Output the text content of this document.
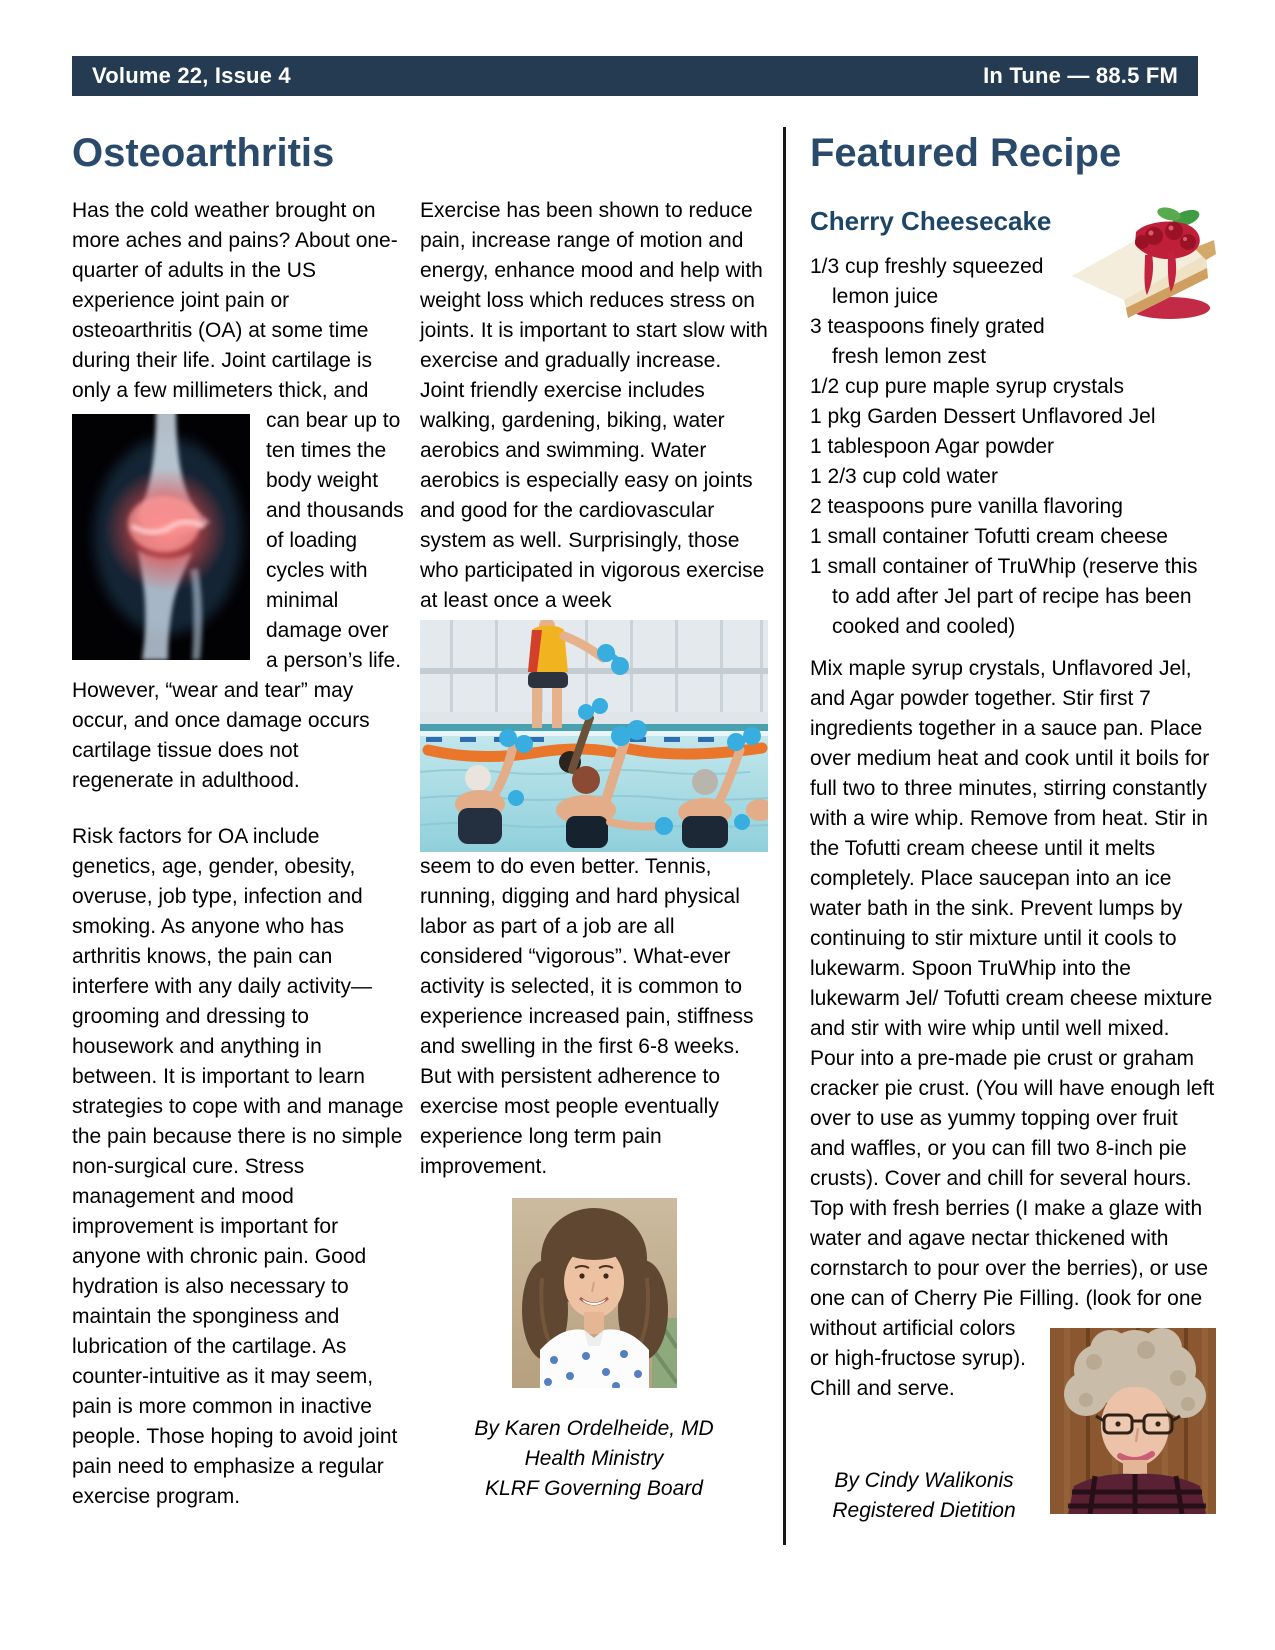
Volume 22, Issue 4	In Tune — 88.5 FM
Osteoarthritis

Has the cold weather brought on more aches and pains? About one-quarter of adults in the US experience joint pain or osteoarthritis (OA) at some time during their life. Joint cartilage is only a few millimeters thick, and can
bear up to ten times the body weight and thousands of loading cycles with minimal damage over a person’s life. However, “wear and tear” may occur, and once damage occurs cartilage tissue does not regenerate in adulthood.

Risk factors for OA include genetics, age, gender, obesity, overuse, job type, infection and smoking. As anyone who has arthritis knows, the pain can interfere with any daily activity—grooming and dressing to housework and anything in between. It is important to learn strategies to cope with and manage the pain because there is no simple non-surgical cure. Stress management and mood improvement is important for anyone with chronic pain. Good hydration is also necessary to maintain the sponginess and lubrication of the cartilage. As counter-intuitive as it may seem, pain is more common in inactive people. Those hoping to avoid joint pain need to emphasize a regular exercise program.

Exercise has been shown to reduce pain, increase range of motion and energy, enhance mood and help with weight loss which reduces stress on joints. It is important to start slow with exercise and gradually increase. Joint friendly exercise includes walking, gardening, biking, water aerobics and swimming. Water aerobics is especially easy on joints and good for the cardiovascular system as well. Surprisingly, those who participated in vigorous exercise at least once a week

seem to do even better. Tennis, running, digging and hard physical labor as part of a job are all considered “vigorous”. What-ever activity is selected, it is common to experience increased pain, stiffness and swelling in the first 6-8 weeks. But with persistent adherence to exercise most people eventually experience long term pain improvement.

By Karen Ordelheide, MD
Health Ministry
KLRF Governing Board
Featured Recipe
Cherry Cheesecake
1/3 cup freshly squeezed lemon juice
3 teaspoons finely grated fresh lemon zest
1/2 cup pure maple syrup crystals
1 pkg Garden Dessert Unflavored Jel
1 tablespoon Agar powder
1 2/3 cup cold water
2 teaspoons pure vanilla flavoring
1 small container Tofutti cream cheese
1 small container of TruWhip (reserve this to add after Jel part of recipe has been cooked and cooled)

Mix maple syrup crystals, Unflavored Jel, and Agar powder together. Stir first 7 ingredients together in a sauce pan. Place over medium heat and cook until it boils for full two to three minutes, stirring constantly with a wire whip. Remove from heat. Stir in the Tofutti cream cheese until it melts completely. Place saucepan into an ice water bath in the sink. Prevent lumps by continuing to stir mixture until it cools to lukewarm. Spoon TruWhip into the lukewarm Jel/ Tofutti cream cheese mixture and stir with wire whip until well mixed. Pour into a pre-made pie crust or graham cracker pie crust. (You will have enough left over to use as yummy topping over fruit and waffles, or you can fill two 8-inch pie crusts). Cover and chill for several hours. Top with fresh berries (I make a glaze with water and agave nectar thickened with cornstarch to pour over the berries), or use one can of Cherry Pie Filling. (look for one without
artificial colors or high-fructose syrup). Chill and serve.

By Cindy Walikonis
Registered Dietition
